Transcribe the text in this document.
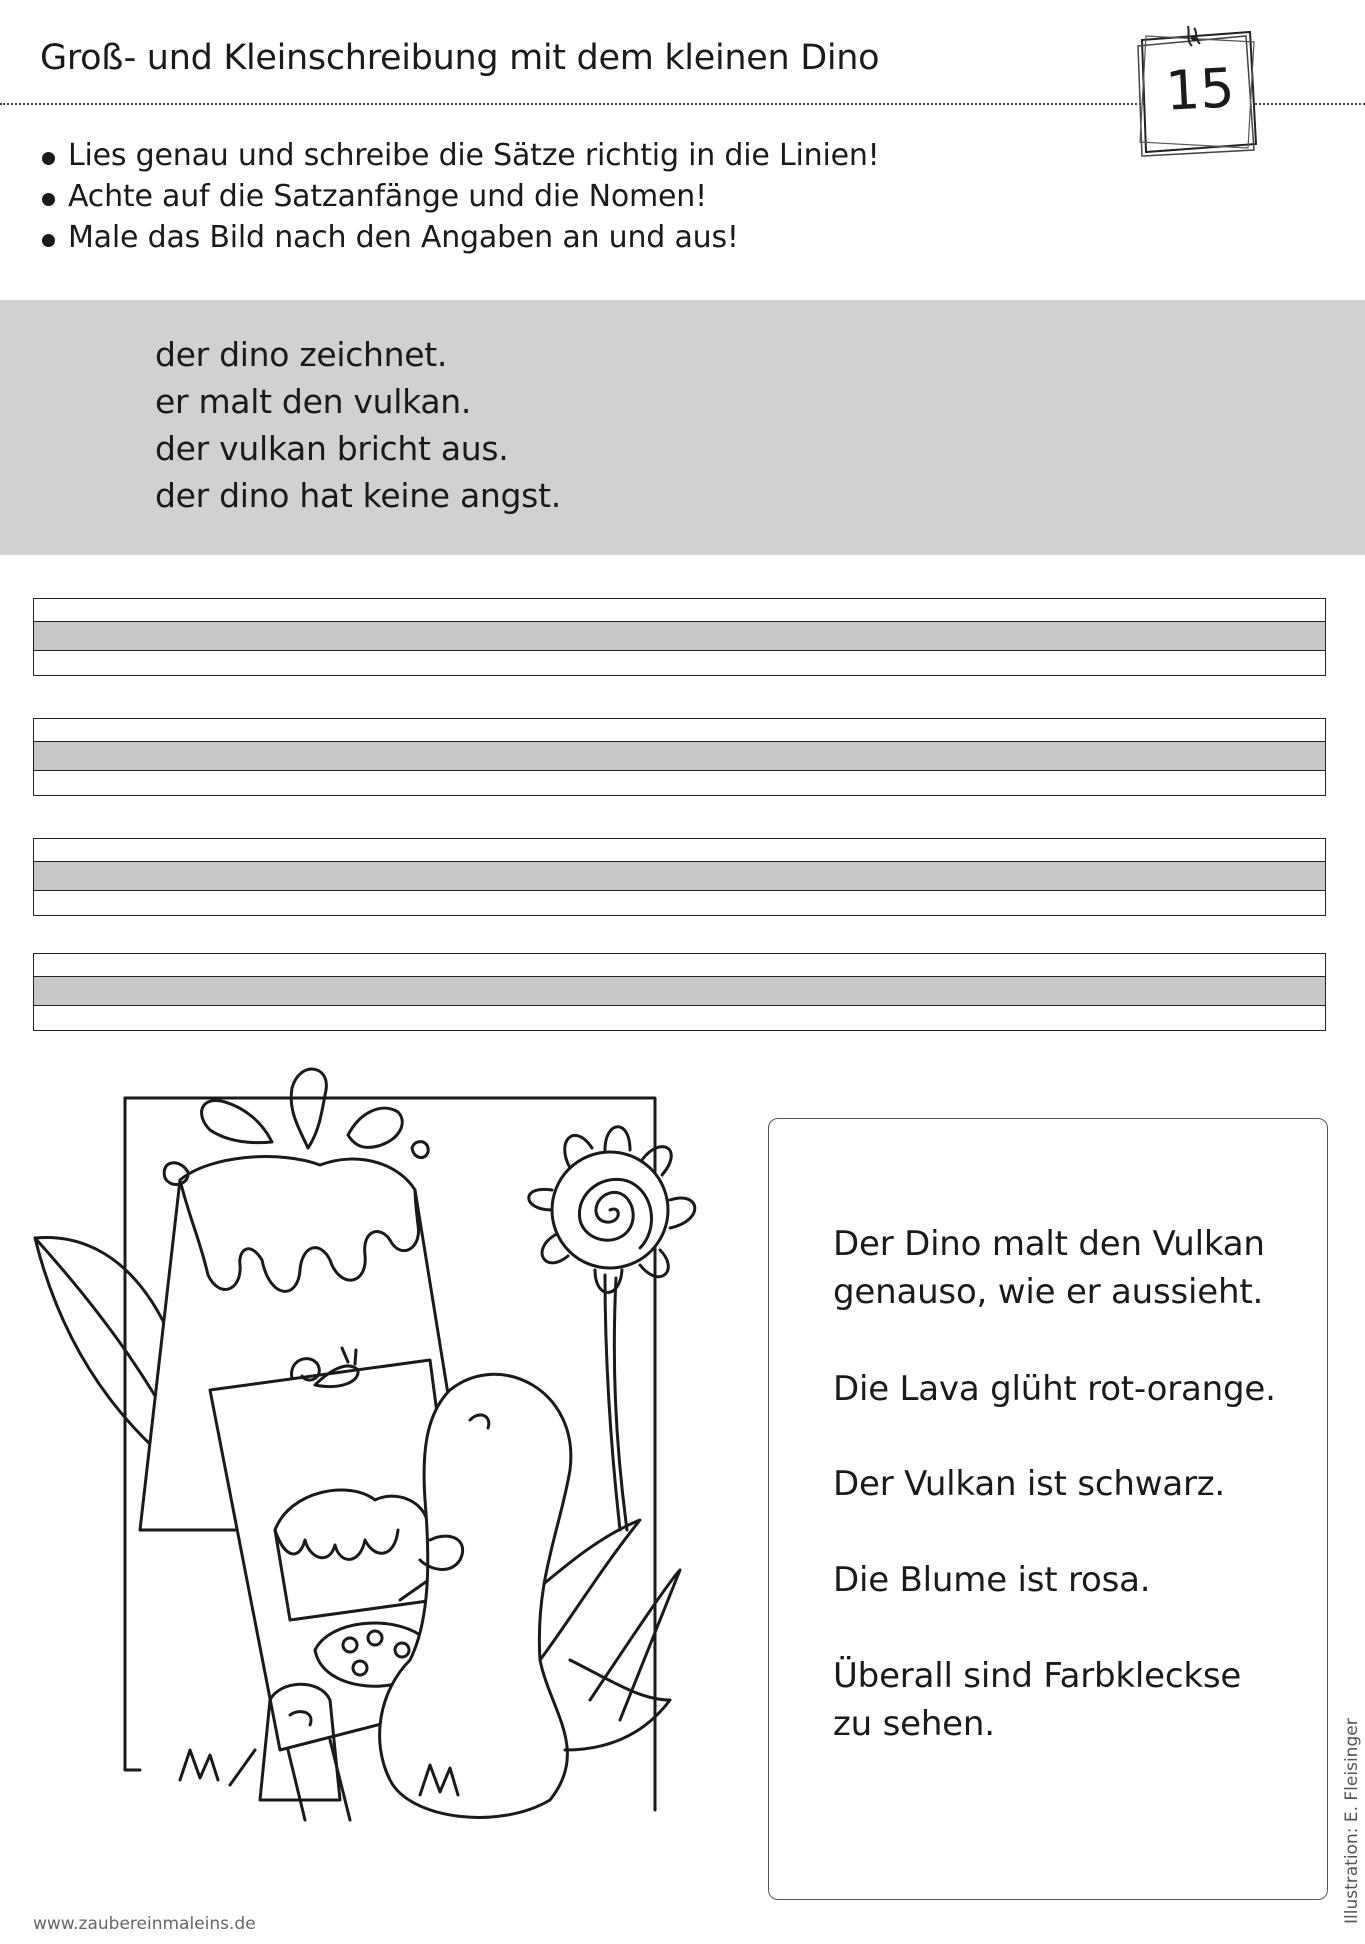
Groß- und Kleinschreibung mit dem kleinen Dino	15
Lies genau und schreibe die Sätze richtig in die Linien!
Achte auf die Satzanfänge und die Nomen!
Male das Bild nach den Angaben an und aus!
der dino zeichnet.
er malt den vulkan.
der vulkan bricht aus.
der dino hat keine angst.
Der Dino malt den Vulkan
genauso, wie er aussieht.
Die Lava glüht rot-orange.
Der Vulkan ist schwarz.
Die Blume ist rosa.
Überall sind Farbkleckse
zu sehen.	Illustration: E. Fleisinger
www.zaubereinmaleins.de
